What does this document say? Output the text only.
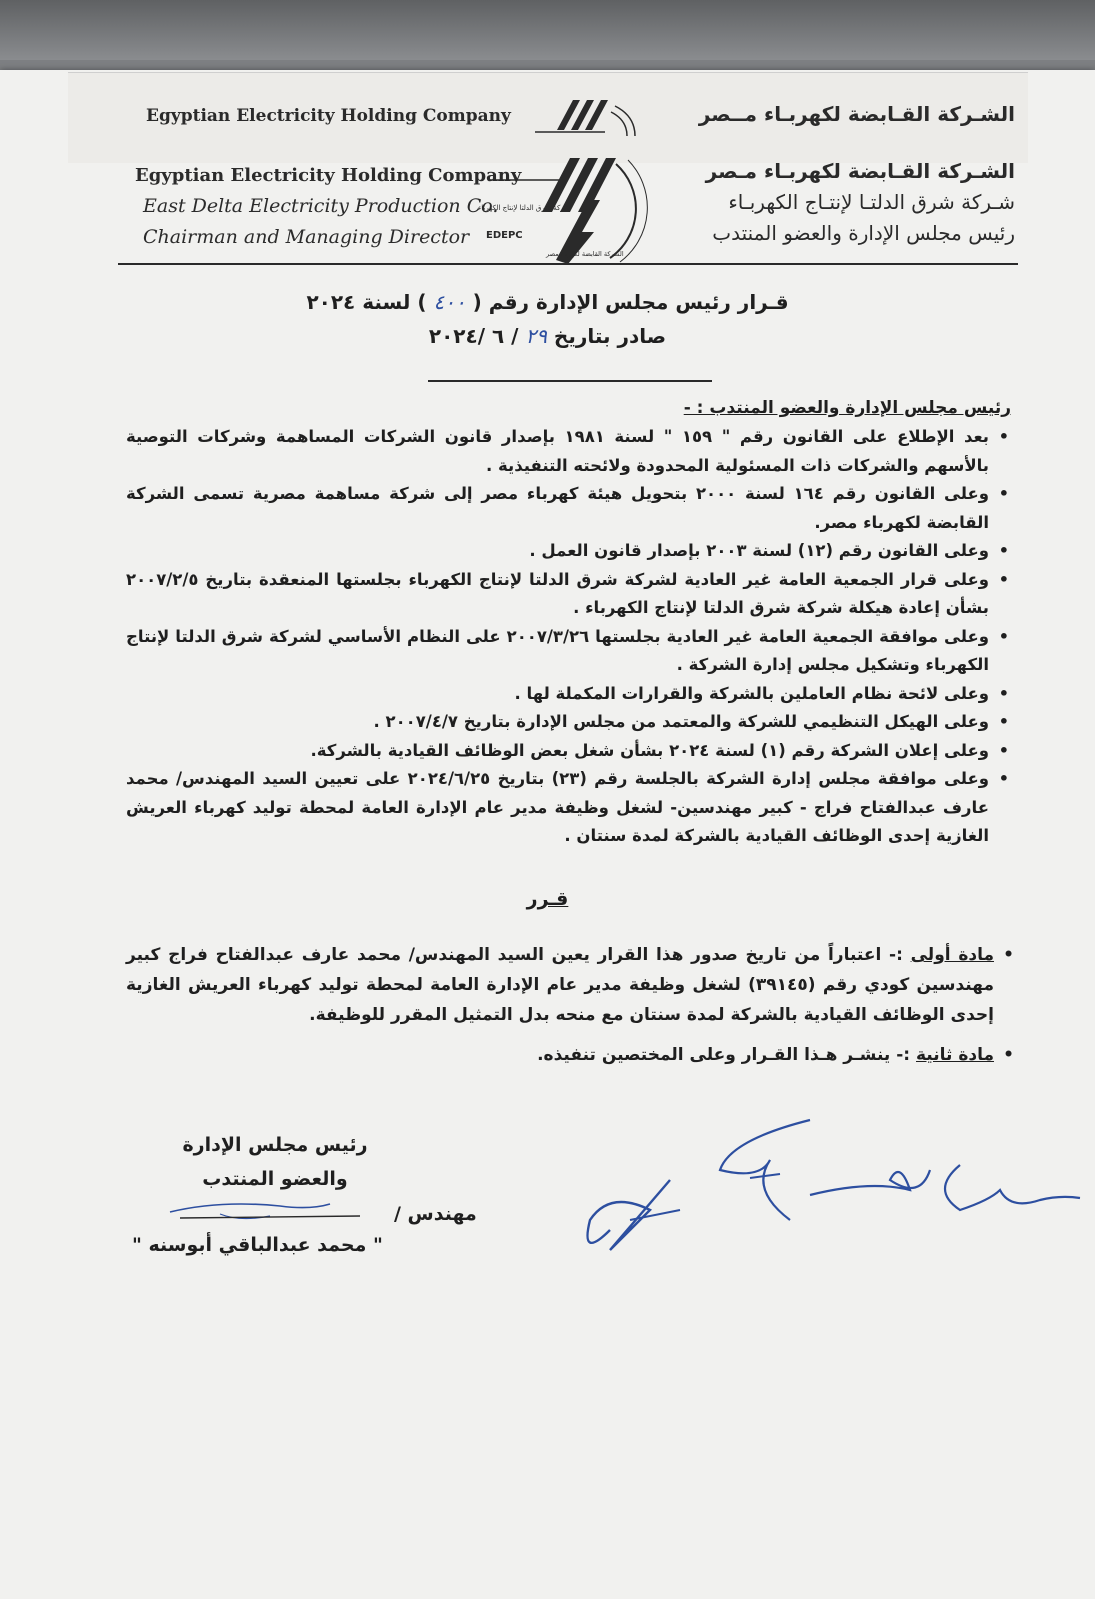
Egyptian Electricity Holding Company	الشـركة القـابضة لكهربـاء مــصر
Egyptian Electricity Holding Company
East Delta Electricity Production Co.
Chairman and Managing Director
شركة شرق الدلتا لإنتاج الكهرباء
EDEPC
الشركة القابضة لكهرباء مصر
الشـركة القـابضة لكهربـاء مـصر
شـركة شرق الدلتـا لإنتـاج الكهربـاء
رئيس مجلس الإدارة والعضو المنتدب
قـرار رئيس مجلس الإدارة رقم ( ٤٠٠ ) لسنة ٢٠٢٤
صادر بتاريخ ٢٩ / ٦ /٢٠٢٤
رئيس مجلس الإدارة والعضو المنتدب : -
• بعد الإطلاع على القانون رقم " ١٥٩ " لسنة ١٩٨١ بإصدار قانون الشركات المساهمة وشركات التوصية بالأسهم والشركات ذات المسئولية المحدودة ولائحته التنفيذية .
• وعلى القانون رقم ١٦٤ لسنة ٢٠٠٠ بتحويل هيئة كهرباء مصر إلى شركة مساهمة مصرية تسمى الشركة القابضة لكهرباء مصر.
• وعلى القانون رقم (١٢) لسنة ٢٠٠٣ بإصدار قانون العمل .
• وعلى قرار الجمعية العامة غير العادية لشركة شرق الدلتا لإنتاج الكهرباء بجلستها المنعقدة بتاريخ ٢٠٠٧/٢/٥ بشأن إعادة هيكلة شركة شرق الدلتا لإنتاج الكهرباء .
• وعلى موافقة الجمعية العامة غير العادية بجلستها ٢٠٠٧/٣/٢٦ على النظام الأساسي لشركة شرق الدلتا لإنتاج الكهرباء وتشكيل مجلس إدارة الشركة .
• وعلى لائحة نظام العاملين بالشركة والقرارات المكملة لها .
• وعلى الهيكل التنظيمي للشركة والمعتمد من مجلس الإدارة بتاريخ ٢٠٠٧/٤/٧ .
• وعلى إعلان الشركة رقم (١) لسنة ٢٠٢٤ بشأن شغل بعض الوظائف القيادية بالشركة.
• وعلى موافقة مجلس إدارة الشركة بالجلسة رقم (٢٣) بتاريخ ٢٠٢٤/٦/٢٥ على تعيين السيد المهندس/ محمد عارف عبدالفتاح فراج - كبير مهندسين- لشغل وظيفة مدير عام الإدارة العامة لمحطة توليد كهرباء العريش الغازية إحدى الوظائف القيادية بالشركة لمدة سنتان .
قـرر
• مادة أولى :- اعتباراً من تاريخ صدور هذا القرار يعين السيد المهندس/ محمد عارف عبدالفتاح فراج كبير مهندسين كودي رقم (٣٩١٤٥) لشغل وظيفة مدير عام الإدارة العامة لمحطة توليد كهرباء العريش الغازية إحدى الوظائف القيادية بالشركة لمدة سنتان مع منحه بدل التمثيل المقرر للوظيفة.
• مادة ثانية :- ينشـر هـذا القـرار وعلى المختصين تنفيذه.
رئيس مجلس الإدارة
والعضو المنتدب
مهندس /
" محمد عبدالباقي أبوسنه "
